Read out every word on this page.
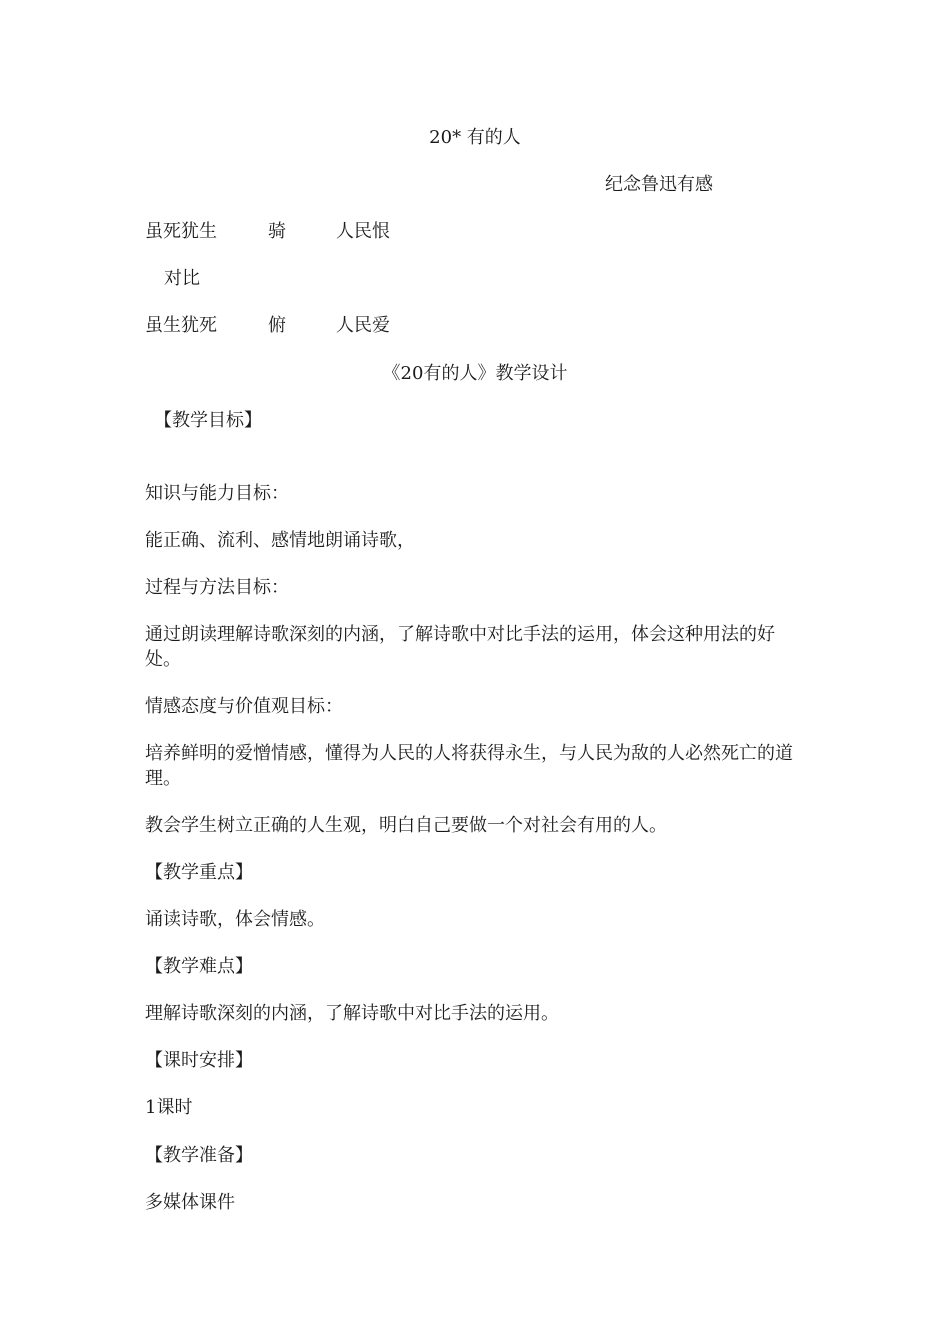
20* 有的人
纪念鲁迅有感
虽死犹生	骑	人民恨
对比
虽生犹死	俯	人民爱
《20有的人》教学设计
【教学目标】
知识与能力目标：
能正确、流利、感情地朗诵诗歌，
过程与方法目标：
通过朗读理解诗歌深刻的内涵，了解诗歌中对比手法的运用，体会这种用法的好处。
情感态度与价值观目标：
培养鲜明的爱憎情感，懂得为人民的人将获得永生，与人民为敌的人必然死亡的道理。
教会学生树立正确的人生观，明白自己要做一个对社会有用的人。
【教学重点】
诵读诗歌，体会情感。
【教学难点】
理解诗歌深刻的内涵，了解诗歌中对比手法的运用。
【课时安排】
1课时
【教学准备】
多媒体课件
